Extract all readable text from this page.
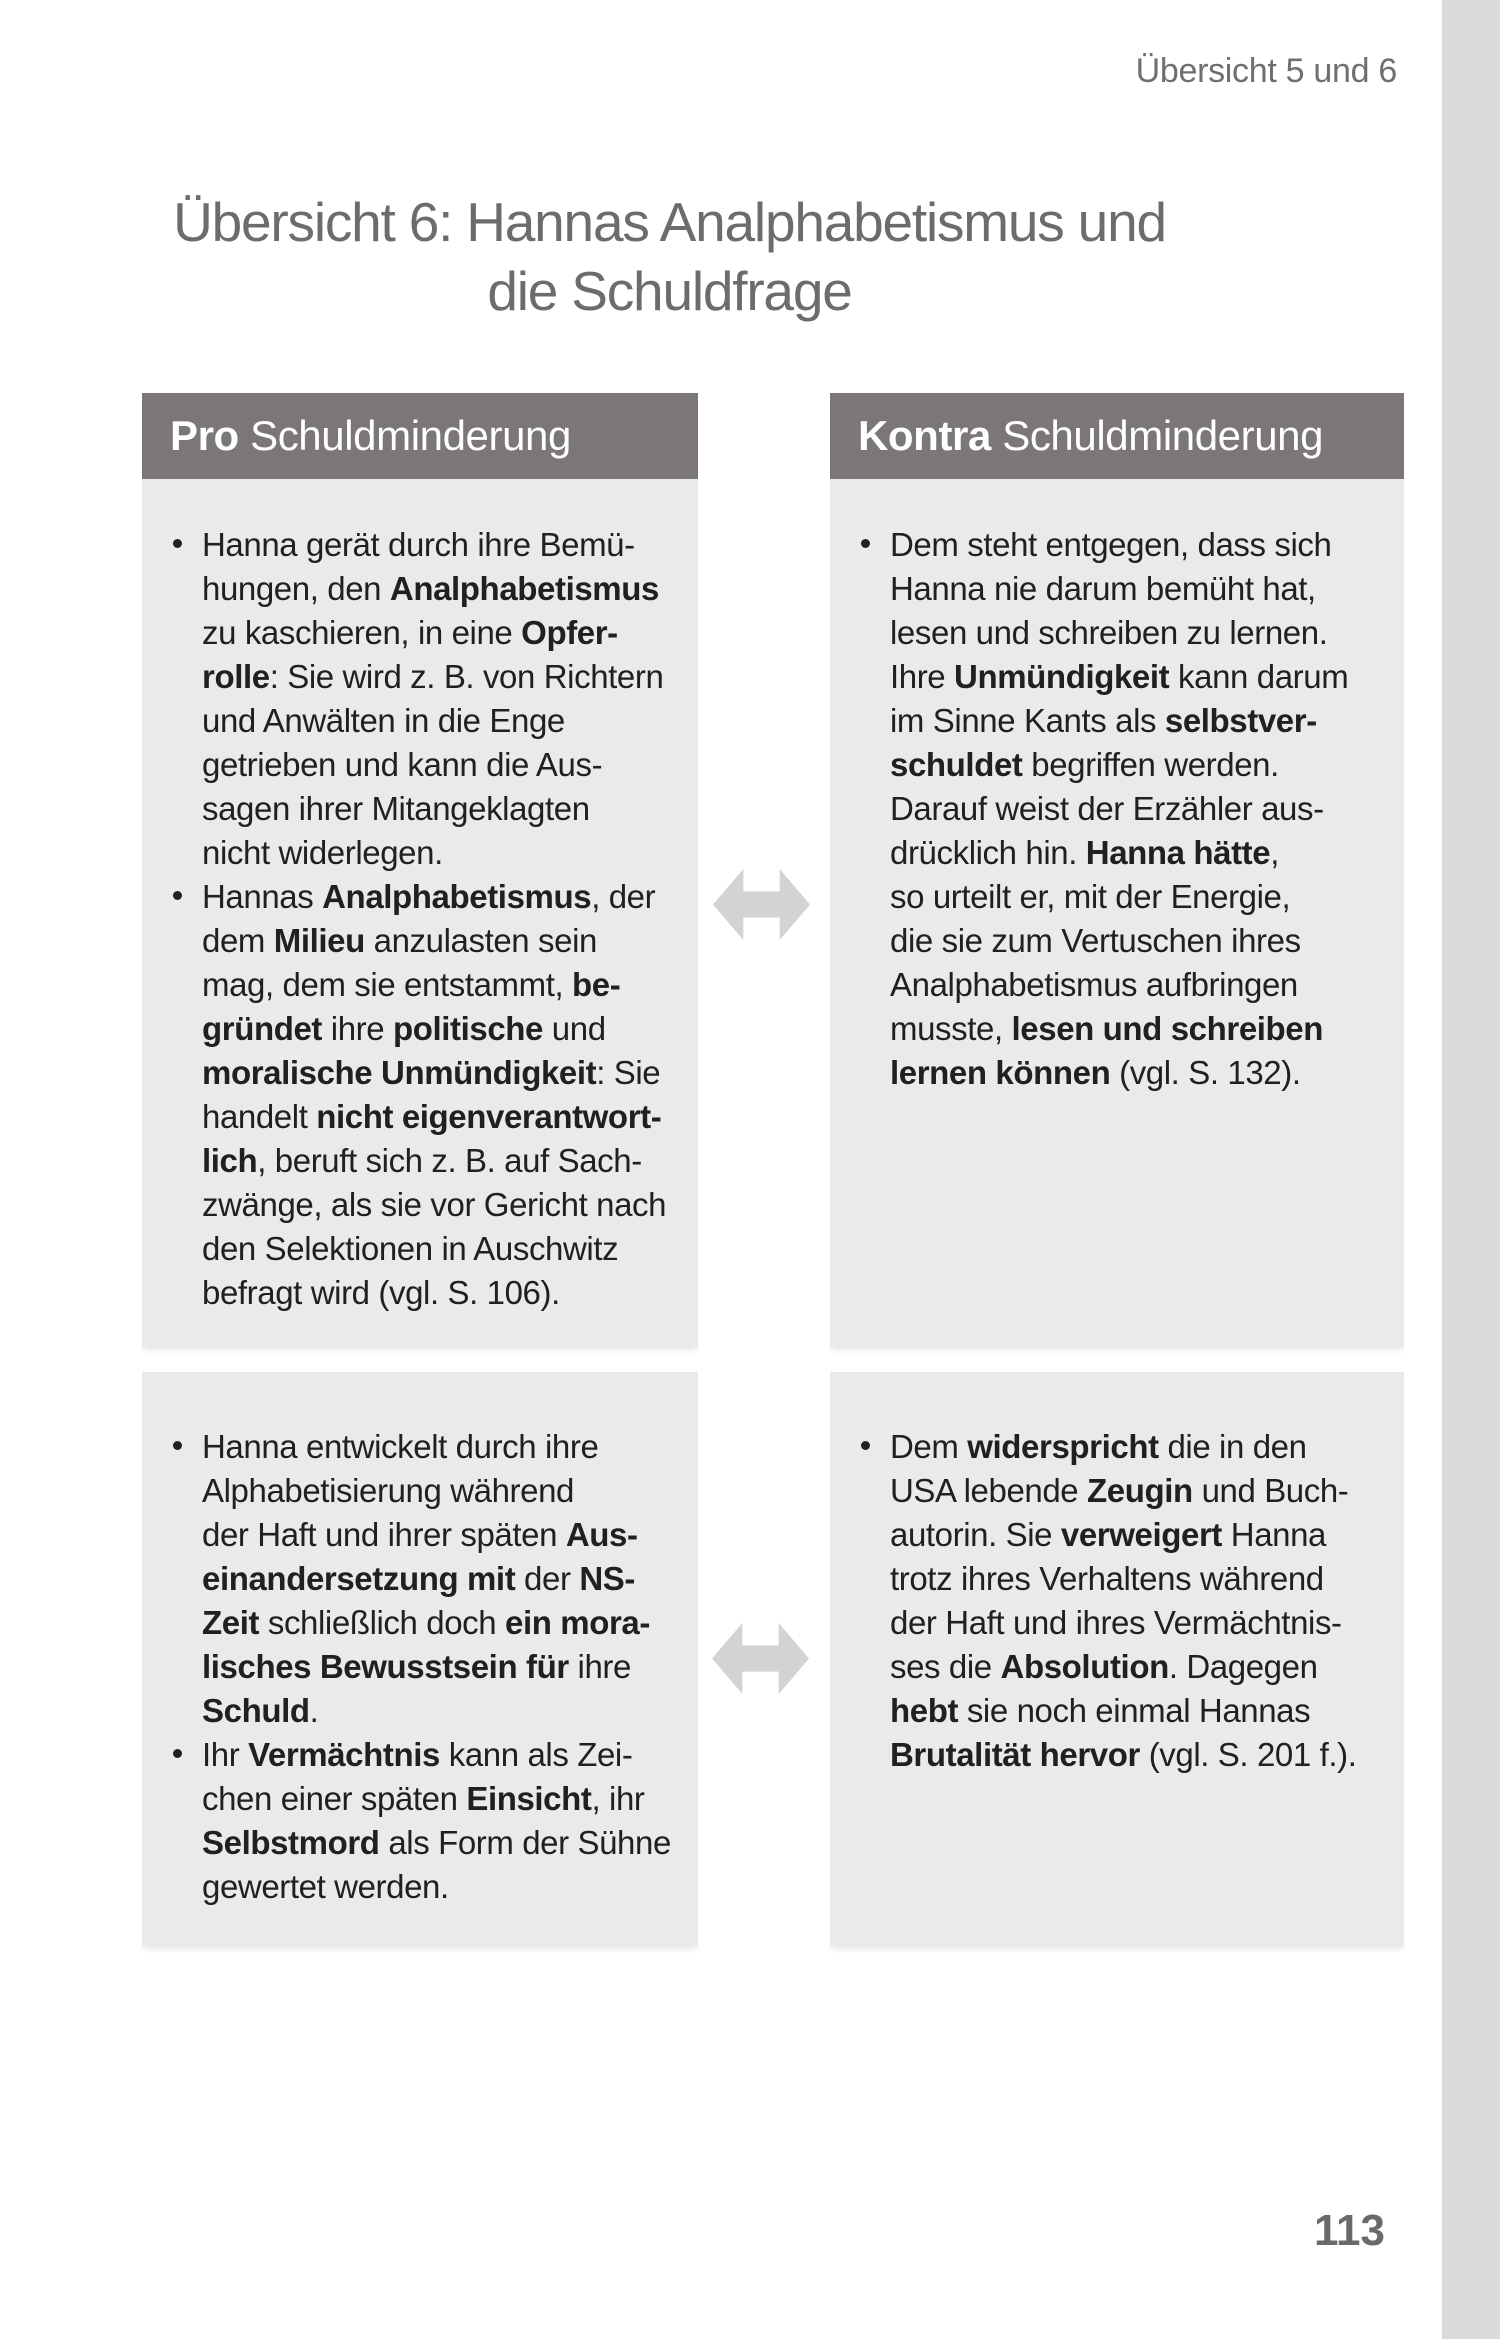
Übersicht 5 und 6
Übersicht 6: Hannas Analphabetismus und
die Schuldfrage
Pro Schuldminderung	Kontra Schuldminderung
Hanna gerät durch ihre Bemü-
hungen, den Analphabetismus
zu kaschieren, in eine Opfer-
rolle: Sie wird z. B. von Richtern
und Anwälten in die Enge
getrieben und kann die Aus-
sagen ihrer Mitangeklagten
nicht widerlegen.
Hannas Analphabetismus, der
dem Milieu anzulasten sein
mag, dem sie entstammt, be-
gründet ihre politische und
moralische Unmündigkeit: Sie
handelt nicht eigenverantwort-
lich, beruft sich z. B. auf Sach-
zwänge, als sie vor Gericht nach
den Selektionen in Auschwitz
befragt wird (vgl. S. 106).
Dem steht entgegen, dass sich
Hanna nie darum bemüht hat,
lesen und schreiben zu lernen.
Ihre Unmündigkeit kann darum
im Sinne Kants als selbstver-
schuldet begriffen werden.
Darauf weist der Erzähler aus-
drücklich hin. Hanna hätte,
so urteilt er, mit der Energie,
die sie zum Vertuschen ihres
Analphabetismus aufbringen
musste, lesen und schreiben
lernen können (vgl. S. 132).
Hanna entwickelt durch ihre
Alphabetisierung während
der Haft und ihrer späten Aus-
einandersetzung mit der NS-
Zeit schließlich doch ein mora-
lisches Bewusstsein für ihre
Schuld.
Ihr Vermächtnis kann als Zei-
chen einer späten Einsicht, ihr
Selbstmord als Form der Sühne
gewertet werden.
Dem widerspricht die in den
USA lebende Zeugin und Buch-
autorin. Sie verweigert Hanna
trotz ihres Verhaltens während
der Haft und ihres Vermächtnis-
ses die Absolution. Dagegen
hebt sie noch einmal Hannas
Brutalität hervor (vgl. S. 201 f.).
113
